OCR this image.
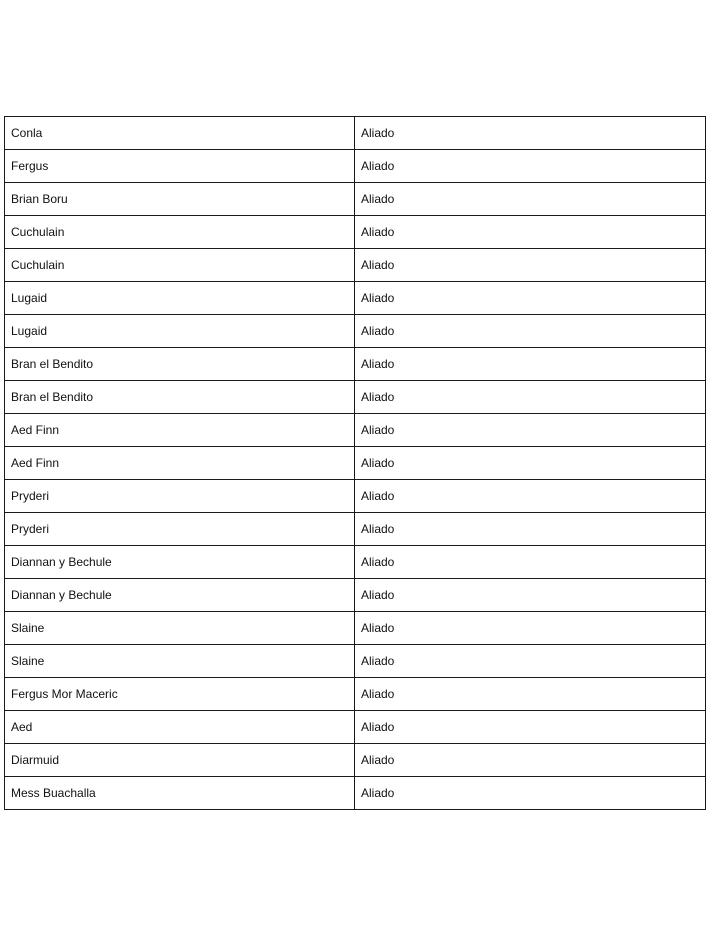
Conla	Aliado
Fergus	Aliado
Brian Boru	Aliado
Cuchulain	Aliado
Cuchulain	Aliado
Lugaid	Aliado
Lugaid	Aliado
Bran el Bendito	Aliado
Bran el Bendito	Aliado
Aed Finn	Aliado
Aed Finn	Aliado
Pryderi	Aliado
Pryderi	Aliado
Diannan y Bechule	Aliado
Diannan y Bechule	Aliado
Slaine	Aliado
Slaine	Aliado
Fergus Mor Maceric	Aliado
Aed	Aliado
Diarmuid	Aliado
Mess Buachalla	Aliado
